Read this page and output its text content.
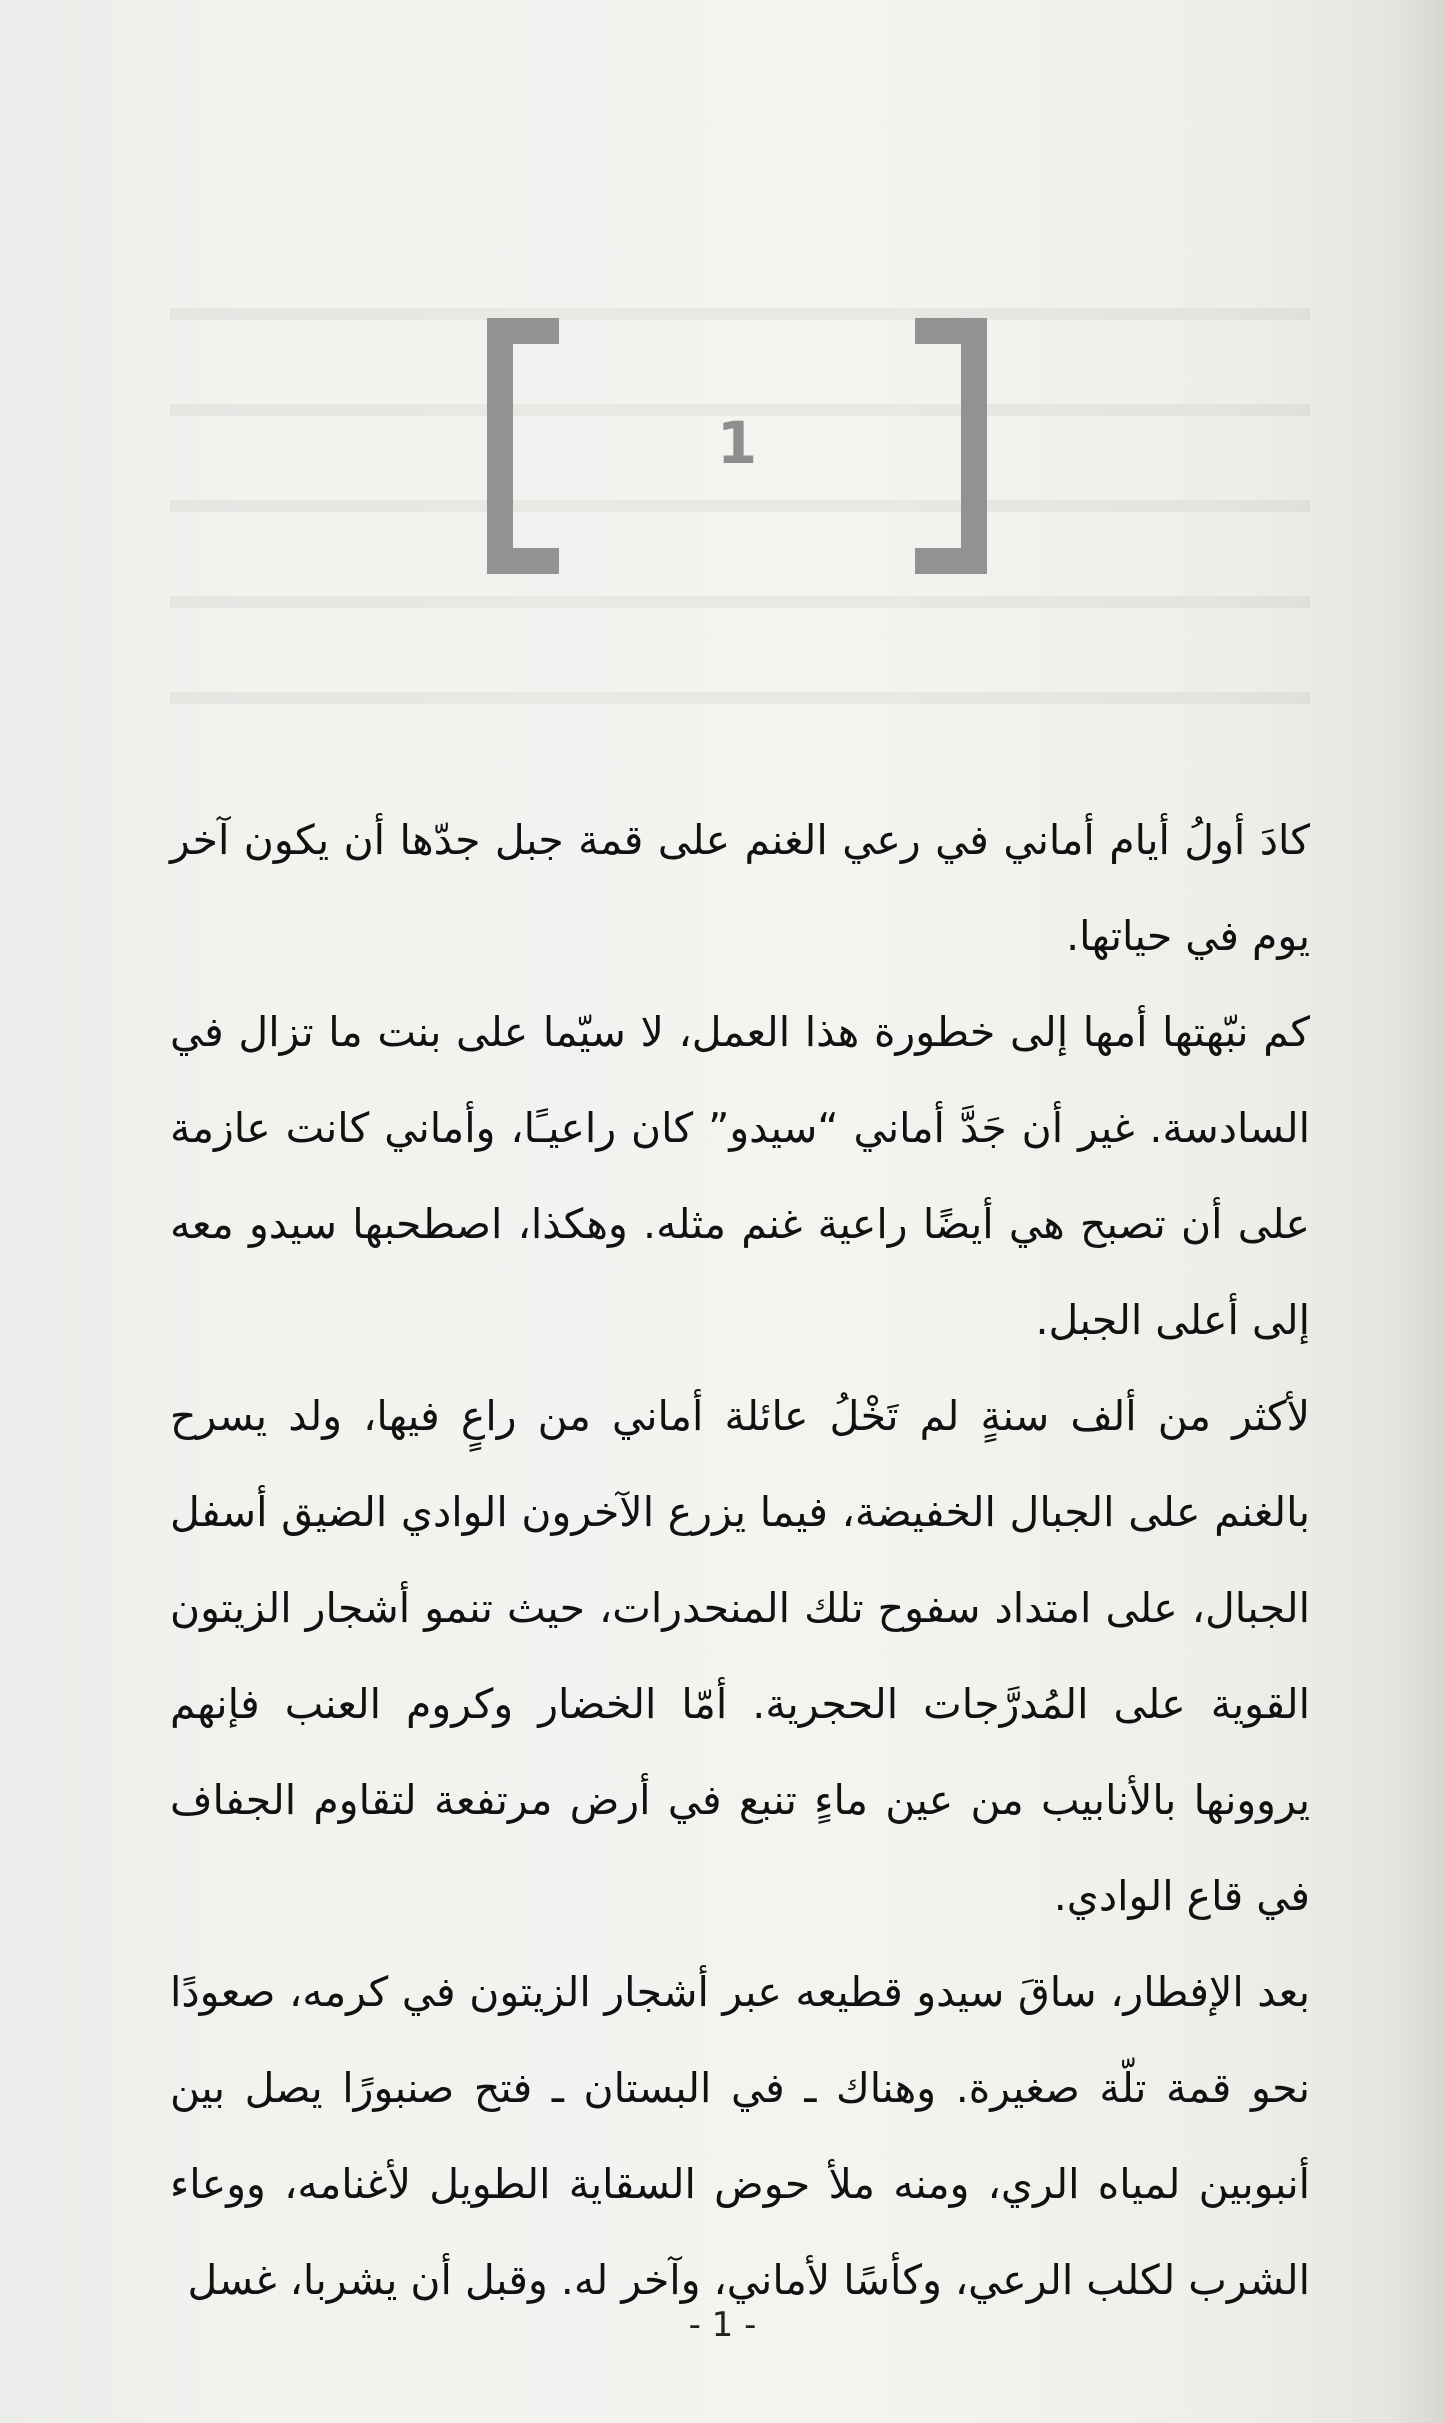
1

كادَ أولُ أيام أماني في رعي الغنم على قمة جبل جدّها أن يكون آخر يوم في حياتها.

كم نبّهتها أمها إلى خطورة هذا العمل، لا سيّما على بنت ما تزال في السادسة. غير أن جَدَّ أماني “سيدو” كان راعيـًا، وأماني كانت عازمة على أن تصبح هي أيضًا راعية غنم مثله. وهكذا، اصطحبها سيدو معه إلى أعلى الجبل.

لأكثر من ألف سنةٍ لم تَخْلُ عائلة أماني من راعٍ فيها، ولد يسرح بالغنم على الجبال الخفيضة، فيما يزرع الآخرون الوادي الضيق أسفل الجبال، على امتداد سفوح تلك المنحدرات، حيث تنمو أشجار الزيتون القوية على المُدرَّجات الحجرية. أمّا الخضار وكروم العنب فإنهم يروونها بالأنابيب من عين ماءٍ تنبع في أرض مرتفعة لتقاوم الجفاف في قاع الوادي.

بعد الإفطار، ساقَ سيدو قطيعه عبر أشجار الزيتون في كرمه، صعودًا نحو قمة تلّة صغيرة. وهناك ـ في البستان ـ فتح صنبورًا يصل بين أنبوبين لمياه الري، ومنه ملأ حوض السقاية الطويل لأغنامه، ووعاء الشرب لكلب الرعي، وكأسًا لأماني، وآخر له. وقبل أن يشربا، غسل

- 1 -
